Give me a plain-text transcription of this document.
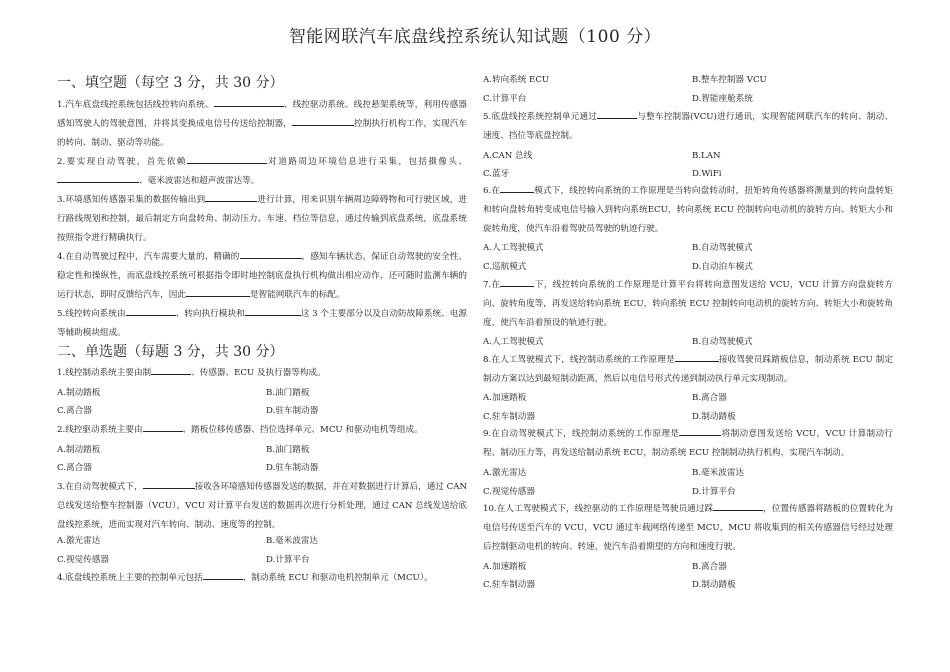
智能网联汽车底盘线控系统认知试题（100 分）
一、填空题（每空 3 分，共 30 分）
1.汽车底盘线控系统包括线控转向系统、	、线控驱动系统、线控悬架系统等，利用传感器感知驾驶人的驾驶意图，并将其变换成电信号传送给控制器，	控制执行机构工作，实现汽车的转向、制动、驱动等功能。
2.要实现自动驾驶，首先依赖	对道路周边环境信息进行采集，包括摄像头、、毫米波雷达和超声波雷达等。
3.环境感知传感器采集的数据传输出到	进行计算，用来识别车辆周边障碍物和可行驶区域，进行路线规划和控制，最后制定方向盘转角、制动压力、车速、档位等信息，通过传输到底盘系统，底盘系统按照指令进行精确执行。
4.在自动驾驶过程中，汽车需要大量的、精确的	，感知车辆状态，保证自动驾驶的安全性、稳定性和操纵性，而底盘线控系统可根据指令即时地控制底盘执行机构做出相应动作，还可随时监测车辆的运行状态，即时反馈给汽车，因此	是智能网联汽车的标配。
5.线控转向系统由	、转向执行模块和	这 3 个主要部分以及自动防故障系统、电源等辅助模块组成。
二、单选题（每题 3 分，共 30 分）
1.线控制动系统主要由制	、传感器、ECU 及执行器等构成。
A.制动踏板	B.油门踏板
C.离合器	D.驻车制动器
2.线控驱动系统主要由	、踏板位移传感器、挡位选择单元、MCU 和驱动电机等组成。
A.制动踏板	B.油门踏板
C.离合器	D.驻车制动器
3.在自动驾驶模式下，	接收各环境感知传感器发送的数据，并在对数据进行计算后，通过 CAN 总线发送给整车控制器（VCU），VCU 对计算平台发送的数据再次进行分析处理，通过 CAN 总线发送给底盘线控系统，进而实现对汽车转向、制动、速度等的控制。
A.激光雷达	B.毫米波雷达
C.视觉传感器	D.计算平台
4.底盘线控系统上主要的控制单元包括	、制动系统 ECU 和驱动电机控制单元（MCU）。
A.转向系统 ECU	B.整车控制器 VCU
C.计算平台	D.智能座舱系统
5.底盘线控系统控制单元通过	与整车控制器(VCU)进行通讯，实现智能网联汽车的转向、制动、速度、挡位等底盘控制。
A.CAN 总线	B.LAN
C.蓝牙	D.WiFi
6.在	模式下，线控转向系统的工作原理是当转向盘转动时，扭矩转角传感器将测量到的转向盘转矩和转向盘转角转变成电信号输入到转向系统ECU，转向系统 ECU 控制转向电动机的旋转方向、转矩大小和旋转角度，使汽车沿着驾驶员驾驶的轨迹行驶。
A.人工驾驶模式	B.自动驾驶模式
C.巡航模式	D.自动泊车模式
7.在	下，线控转向系统的工作原理是计算平台将转向意图发送给 VCU，VCU 计算方向盘旋转方向、旋转角度等，再发送给转向系统 ECU，转向系统 ECU 控制转向电动机的旋转方向、转矩大小和旋转角度，使汽车沿着预设的轨迹行驶。
A.人工驾驶模式	B.自动驾驶模式
8.在人工驾驶模式下，线控制动系统的工作原理是	接收驾驶员踩踏板信息，制动系统 ECU 制定制动方案以达到最短制动距离，然后以电信号形式传递到制动执行单元实现制动。
A.加速踏板	B.离合器
C.驻车制动器	D.制动踏板
9.在自动驾驶模式下，线控制动系统的工作原理是	将制动意图发送给 VCU，VCU 计算制动行程、制动压力等，再发送给制动系统 ECU，制动系统 ECU 控制制动执行机构，实现汽车制动。
A.激光雷达	B.毫米波雷达
C.视觉传感器	D.计算平台
10.在人工驾驶模式下，线控驱动的工作原理是驾驶员通过踩	，位置传感器将踏板的位置转化为电信号传送至汽车的 VCU，VCU 通过车载网络传递至 MCU，MCU 将收集到的相关传感器信号经过处理后控制驱动电机的转向、转速，使汽车沿着期望的方向和速度行驶。
A.加速踏板	B.离合器
C.驻车制动器	D.制动踏板
